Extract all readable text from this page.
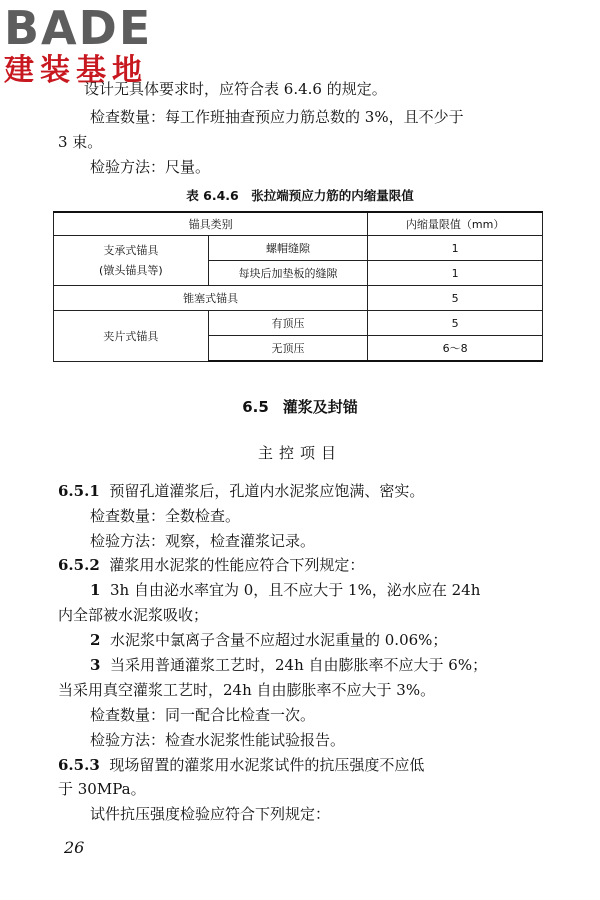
BADE
建装基地
设计无具体要求时，应符合表 6.4.6 的规定。
检查数量：每工作班抽查预应力筋总数的 3%，且不少于
3 束。
检验方法：尺量。
表 6.4.6　张拉端预应力筋的内缩量限值
锚具类别		内缩量限值（mm）

支承式锚具
(镦头锚具等)	螺帽缝隙	1
	每块后加垫板的缝隙	1
锥塞式锚具		5
夹片式锚具	有顶压	5
	无顶压	6～8
6.5 灌浆及封锚
主控项目
6.5.1 预留孔道灌浆后，孔道内水泥浆应饱满、密实。
检查数量：全数检查。
检验方法：观察，检查灌浆记录。
6.5.2 灌浆用水泥浆的性能应符合下列规定：
1 3h 自由泌水率宜为 0，且不应大于 1%，泌水应在 24h
内全部被水泥浆吸收；
2 水泥浆中氯离子含量不应超过水泥重量的 0.06%；
3 当采用普通灌浆工艺时，24h 自由膨胀率不应大于 6%；
当采用真空灌浆工艺时，24h 自由膨胀率不应大于 3%。
检查数量：同一配合比检查一次。
检验方法：检查水泥浆性能试验报告。
6.5.3 现场留置的灌浆用水泥浆试件的抗压强度不应低
于 30MPa。
试件抗压强度检验应符合下列规定：
26
